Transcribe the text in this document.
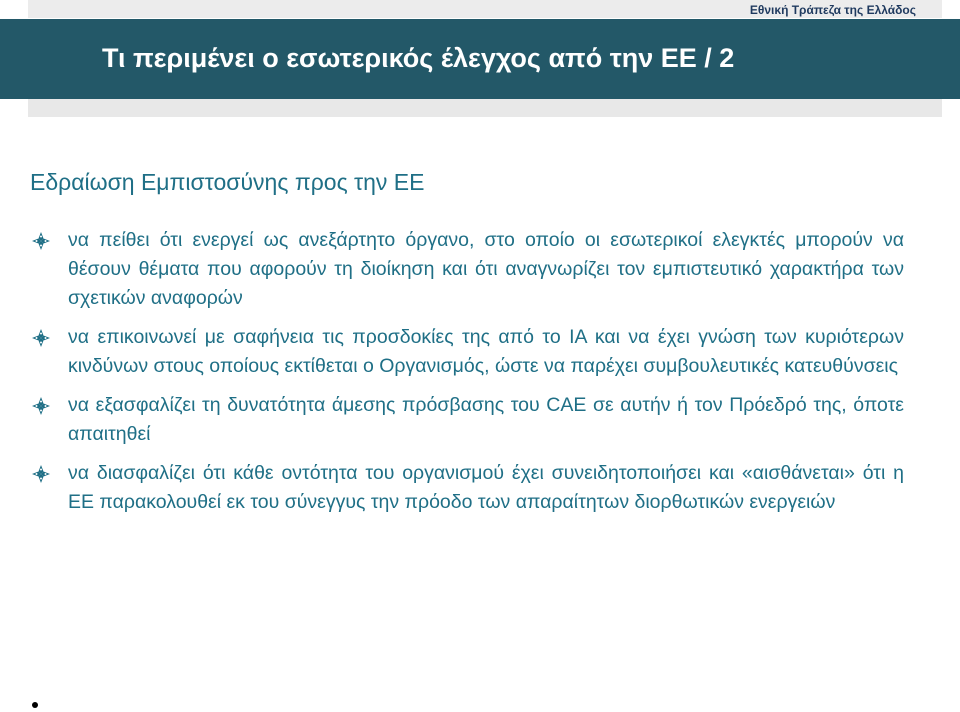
Εθνική Τράπεζα της Ελλάδος
Τι περιμένει ο εσωτερικός έλεγχος από την ΕΕ / 2
Εδραίωση Εμπιστοσύνης προς την ΕΕ
να πείθει ότι ενεργεί ως ανεξάρτητο όργανο, στο οποίο οι εσωτερικοί ελεγκτές μπορούν να θέσουν θέματα που αφορούν τη διοίκηση και ότι αναγνωρίζει τον εμπιστευτικό χαρακτήρα των σχετικών αναφορών
να επικοινωνεί με σαφήνεια τις προσδοκίες της από το ΙΑ και να έχει γνώση των κυριότερων κινδύνων στους οποίους εκτίθεται ο Οργανισμός, ώστε να παρέχει συμβουλευτικές κατευθύνσεις
να εξασφαλίζει τη δυνατότητα άμεσης πρόσβασης του CAE σε αυτήν ή τον Πρόεδρό της, όποτε απαιτηθεί
να διασφαλίζει ότι κάθε οντότητα του οργανισμού έχει συνειδητοποιήσει και «αισθάνεται» ότι η ΕΕ παρακολουθεί εκ του σύνεγγυς την πρόοδο των απαραίτητων διορθωτικών ενεργειών
